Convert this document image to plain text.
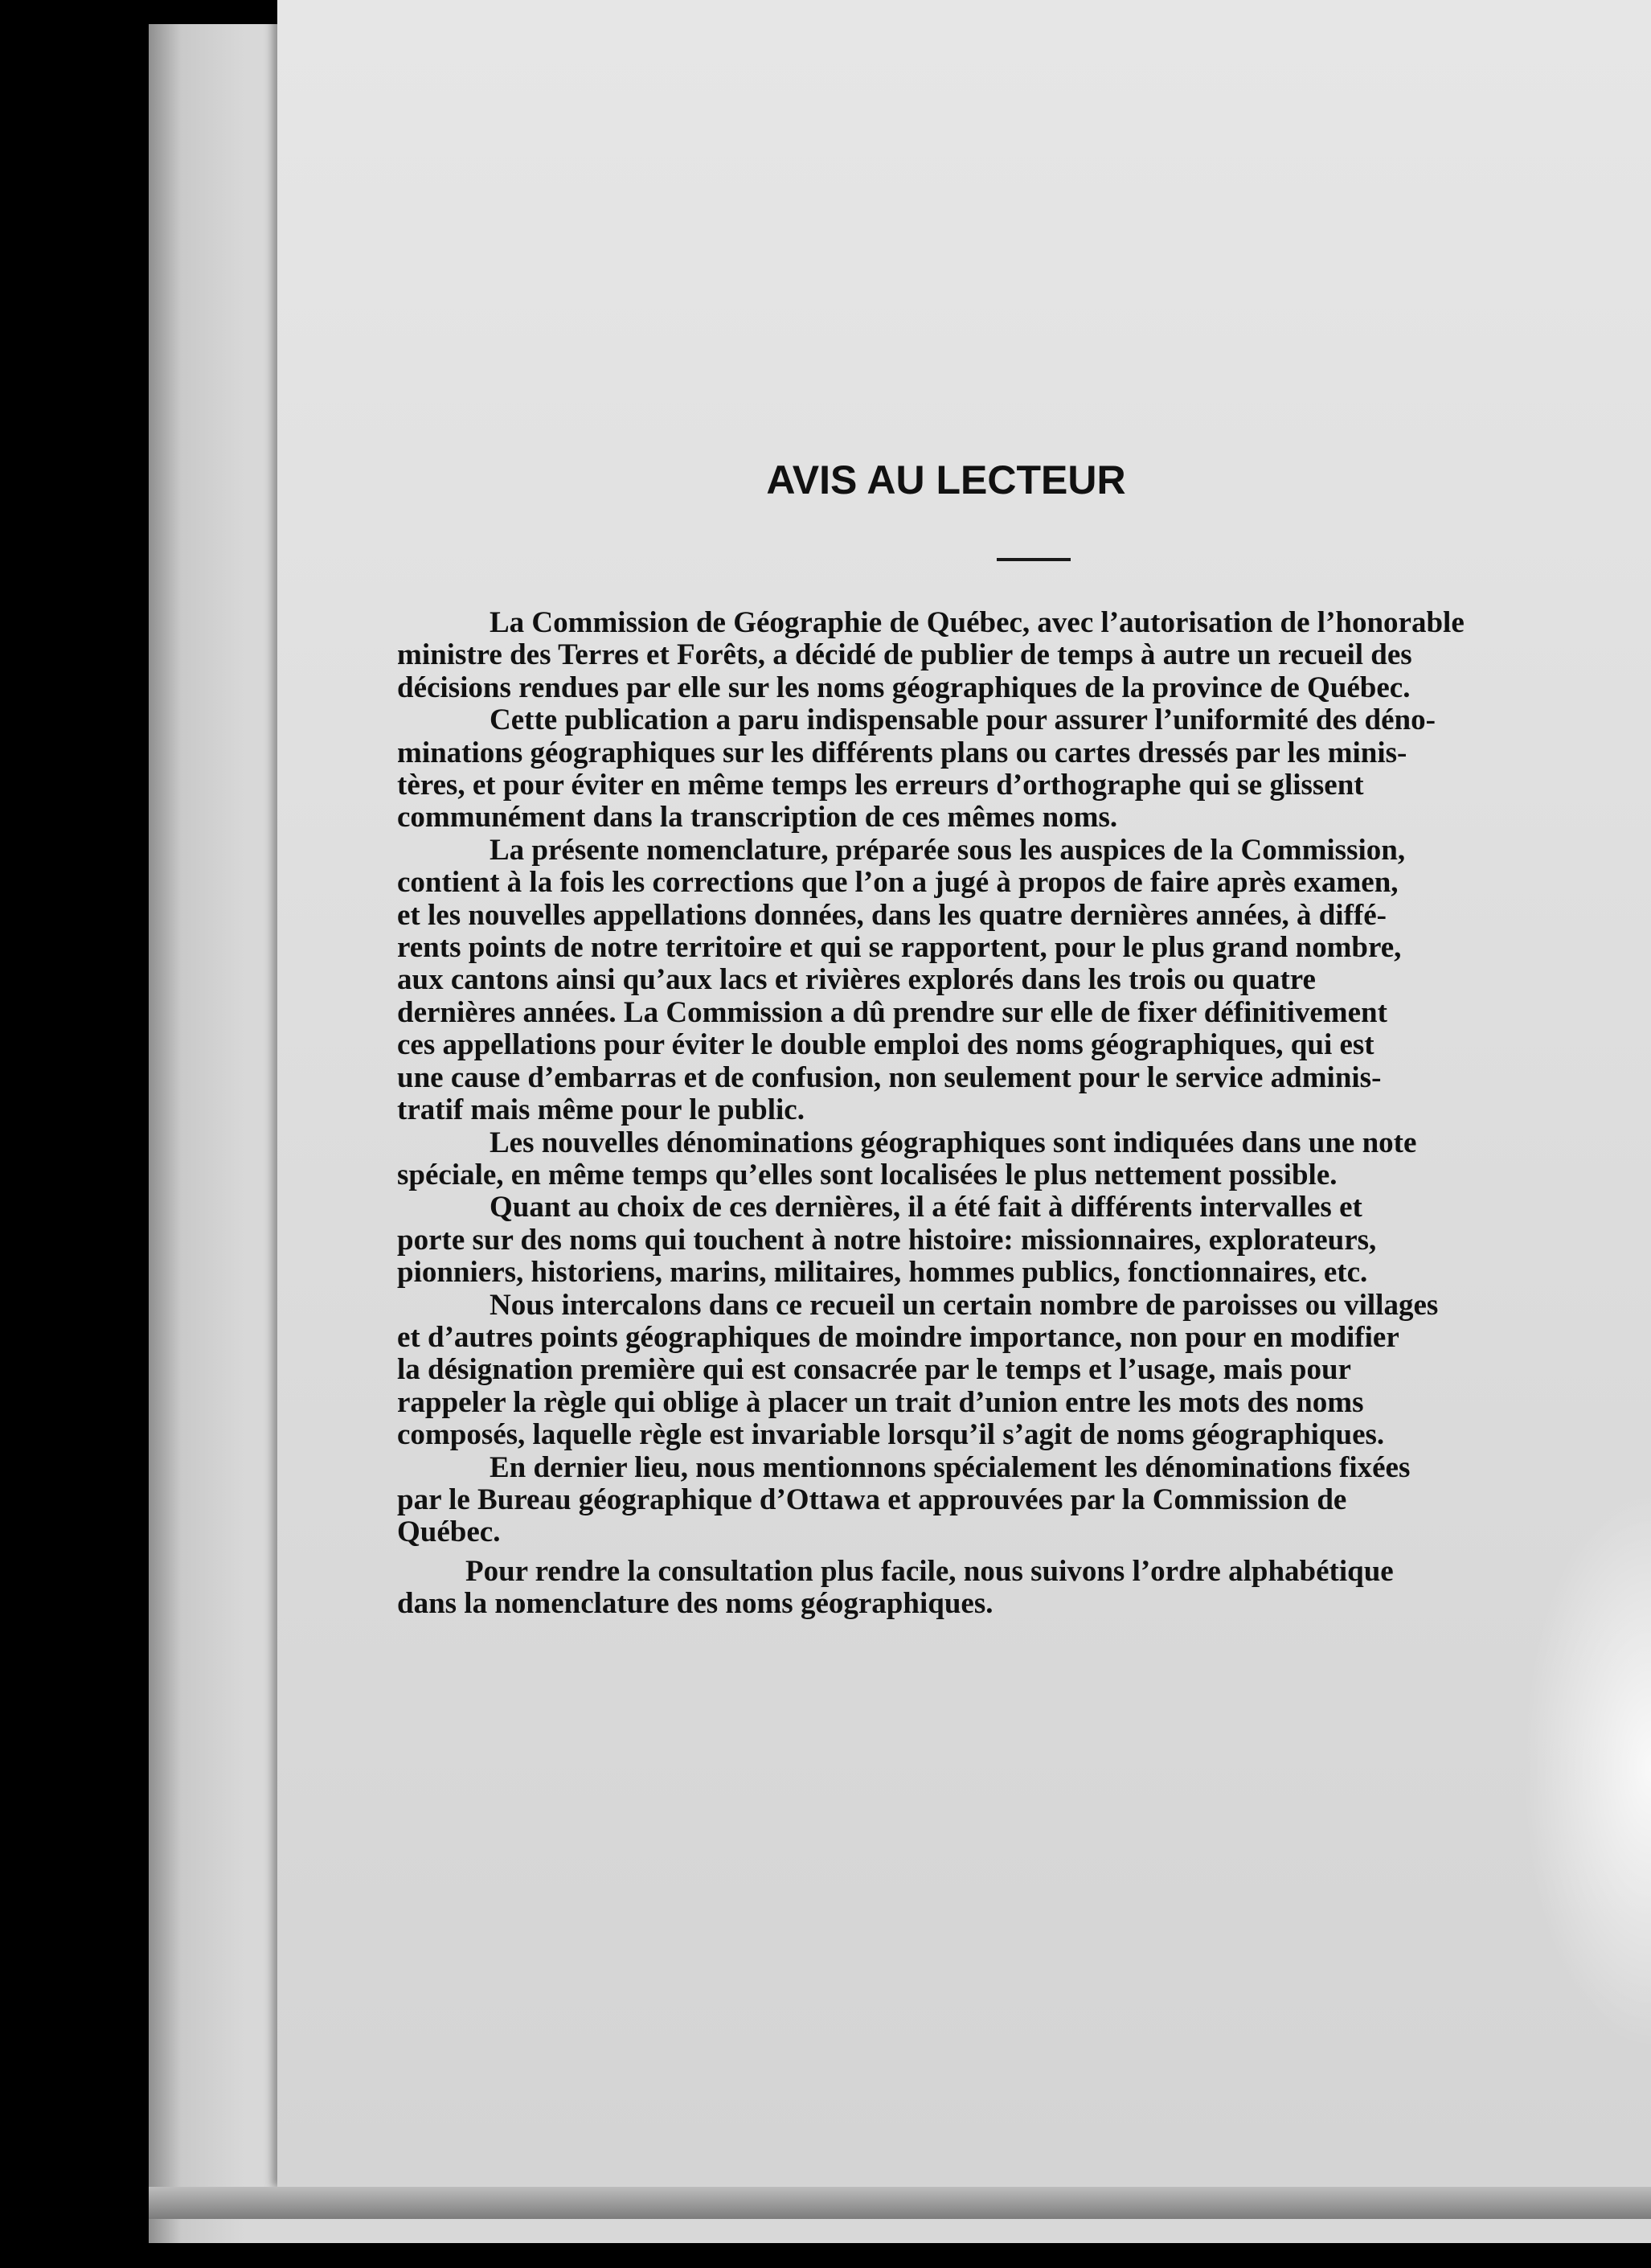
AVIS AU LECTEUR
La Commission de Géographie de Québec, avec l’autorisation de l’honorable
ministre des Terres et Forêts, a décidé de publier de temps à autre un recueil des
décisions rendues par elle sur les noms géographiques de la province de Québec.
Cette publication a paru indispensable pour assurer l’uniformité des déno-
minations géographiques sur les différents plans ou cartes dressés par les minis-
tères, et pour éviter en même temps les erreurs d’orthographe qui se glissent
communément dans la transcription de ces mêmes noms.
La présente nomenclature, préparée sous les auspices de la Commission,
contient à la fois les corrections que l’on a jugé à propos de faire après examen,
et les nouvelles appellations données, dans les quatre dernières années, à diffé-
rents points de notre territoire et qui se rapportent, pour le plus grand nombre,
aux cantons ainsi qu’aux lacs et rivières explorés dans les trois ou quatre
dernières années. La Commission a dû prendre sur elle de fixer définitivement
ces appellations pour éviter le double emploi des noms géographiques, qui est
une cause d’embarras et de confusion, non seulement pour le service adminis-
tratif mais même pour le public.
Les nouvelles dénominations géographiques sont indiquées dans une note
spéciale, en même temps qu’elles sont localisées le plus nettement possible.
Quant au choix de ces dernières, il a été fait à différents intervalles et
porte sur des noms qui touchent à notre histoire: missionnaires, explorateurs,
pionniers, historiens, marins, militaires, hommes publics, fonctionnaires, etc.
Nous intercalons dans ce recueil un certain nombre de paroisses ou villages
et d’autres points géographiques de moindre importance, non pour en modifier
la désignation première qui est consacrée par le temps et l’usage, mais pour
rappeler la règle qui oblige à placer un trait d’union entre les mots des noms
composés, laquelle règle est invariable lorsqu’il s’agit de noms géographiques.
En dernier lieu, nous mentionnons spécialement les dénominations fixées
par le Bureau géographique d’Ottawa et approuvées par la Commission de
Québec.
Pour rendre la consultation plus facile, nous suivons l’ordre alphabétique
dans la nomenclature des noms géographiques.
